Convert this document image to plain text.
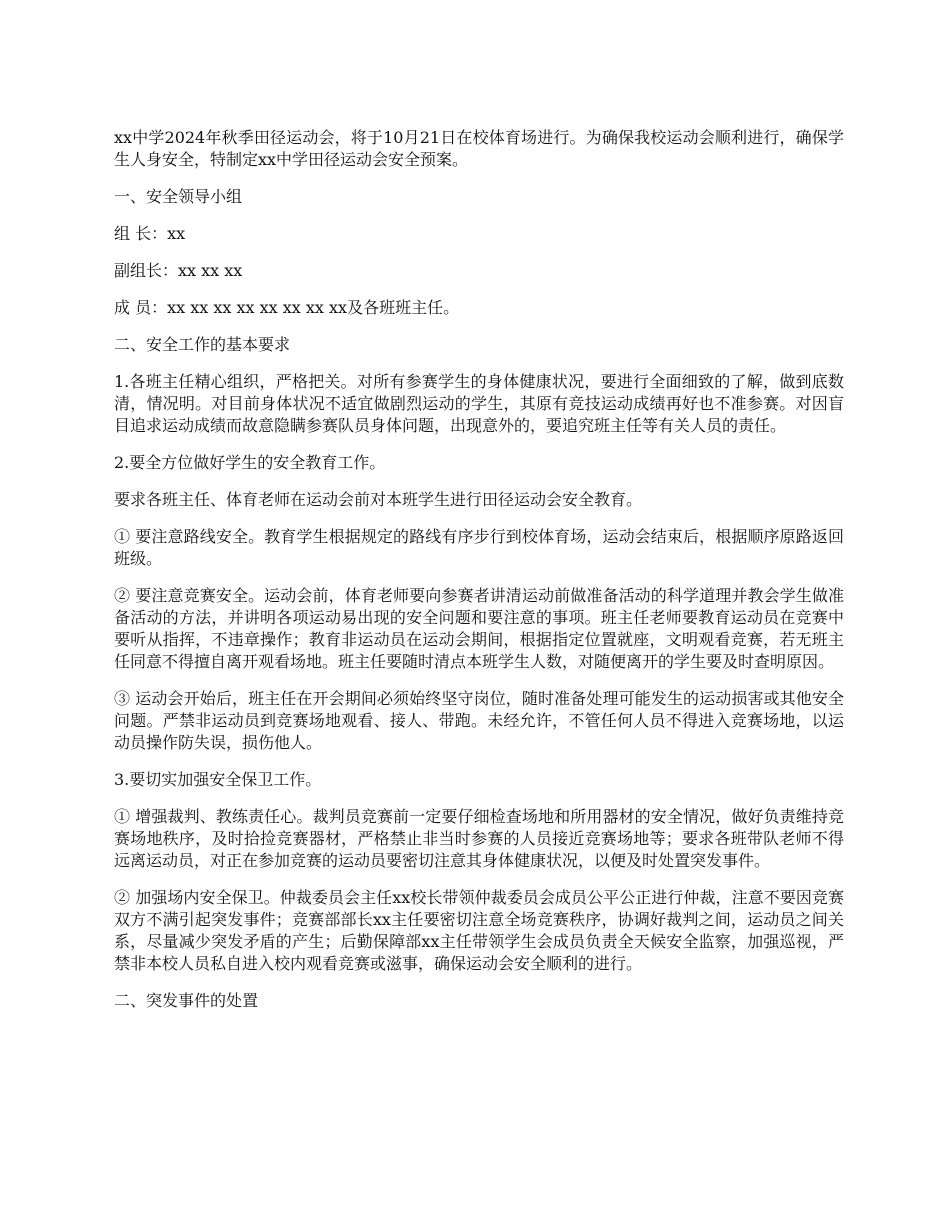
xx中学2024年秋季田径运动会，将于10月21日在校体育场进行。为确保我校运动会顺利进行，确保学生人身安全，特制定xx中学田径运动会安全预案。

一、安全领导小组

组 长：xx

副组长：xx xx xx

成 员：xx xx xx xx xx xx xx xx及各班班主任。

二、安全工作的基本要求

1.各班主任精心组织，严格把关。对所有参赛学生的身体健康状况，要进行全面细致的了解，做到底数清，情况明。对目前身体状况不适宜做剧烈运动的学生，其原有竞技运动成绩再好也不准参赛。对因盲目追求运动成绩而故意隐瞒参赛队员身体问题，出现意外的，要追究班主任等有关人员的责任。

2.要全方位做好学生的安全教育工作。

要求各班主任、体育老师在运动会前对本班学生进行田径运动会安全教育。

① 要注意路线安全。教育学生根据规定的路线有序步行到校体育场，运动会结束后，根据顺序原路返回班级。

② 要注意竞赛安全。运动会前，体育老师要向参赛者讲清运动前做准备活动的科学道理并教会学生做准备活动的方法，并讲明各项运动易出现的安全问题和要注意的事项。班主任老师要教育运动员在竞赛中要听从指挥，不违章操作；教育非运动员在运动会期间，根据指定位置就座，文明观看竞赛，若无班主任同意不得擅自离开观看场地。班主任要随时清点本班学生人数，对随便离开的学生要及时查明原因。

③ 运动会开始后，班主任在开会期间必须始终坚守岗位，随时准备处理可能发生的运动损害或其他安全问题。严禁非运动员到竞赛场地观看、接人、带跑。未经允许，不管任何人员不得进入竞赛场地，以运动员操作防失误，损伤他人。

3.要切实加强安全保卫工作。

① 增强裁判、教练责任心。裁判员竞赛前一定要仔细检查场地和所用器材的安全情况，做好负责维持竞赛场地秩序，及时拾捡竞赛器材，严格禁止非当时参赛的人员接近竞赛场地等；要求各班带队老师不得远离运动员，对正在参加竞赛的运动员要密切注意其身体健康状况，以便及时处置突发事件。

② 加强场内安全保卫。仲裁委员会主任xx校长带领仲裁委员会成员公平公正进行仲裁，注意不要因竞赛双方不满引起突发事件；竞赛部部长xx主任要密切注意全场竞赛秩序，协调好裁判之间，运动员之间关系，尽量减少突发矛盾的产生；后勤保障部xx主任带领学生会成员负责全天候安全监察，加强巡视，严禁非本校人员私自进入校内观看竞赛或滋事，确保运动会安全顺利的进行。

二、突发事件的处置
